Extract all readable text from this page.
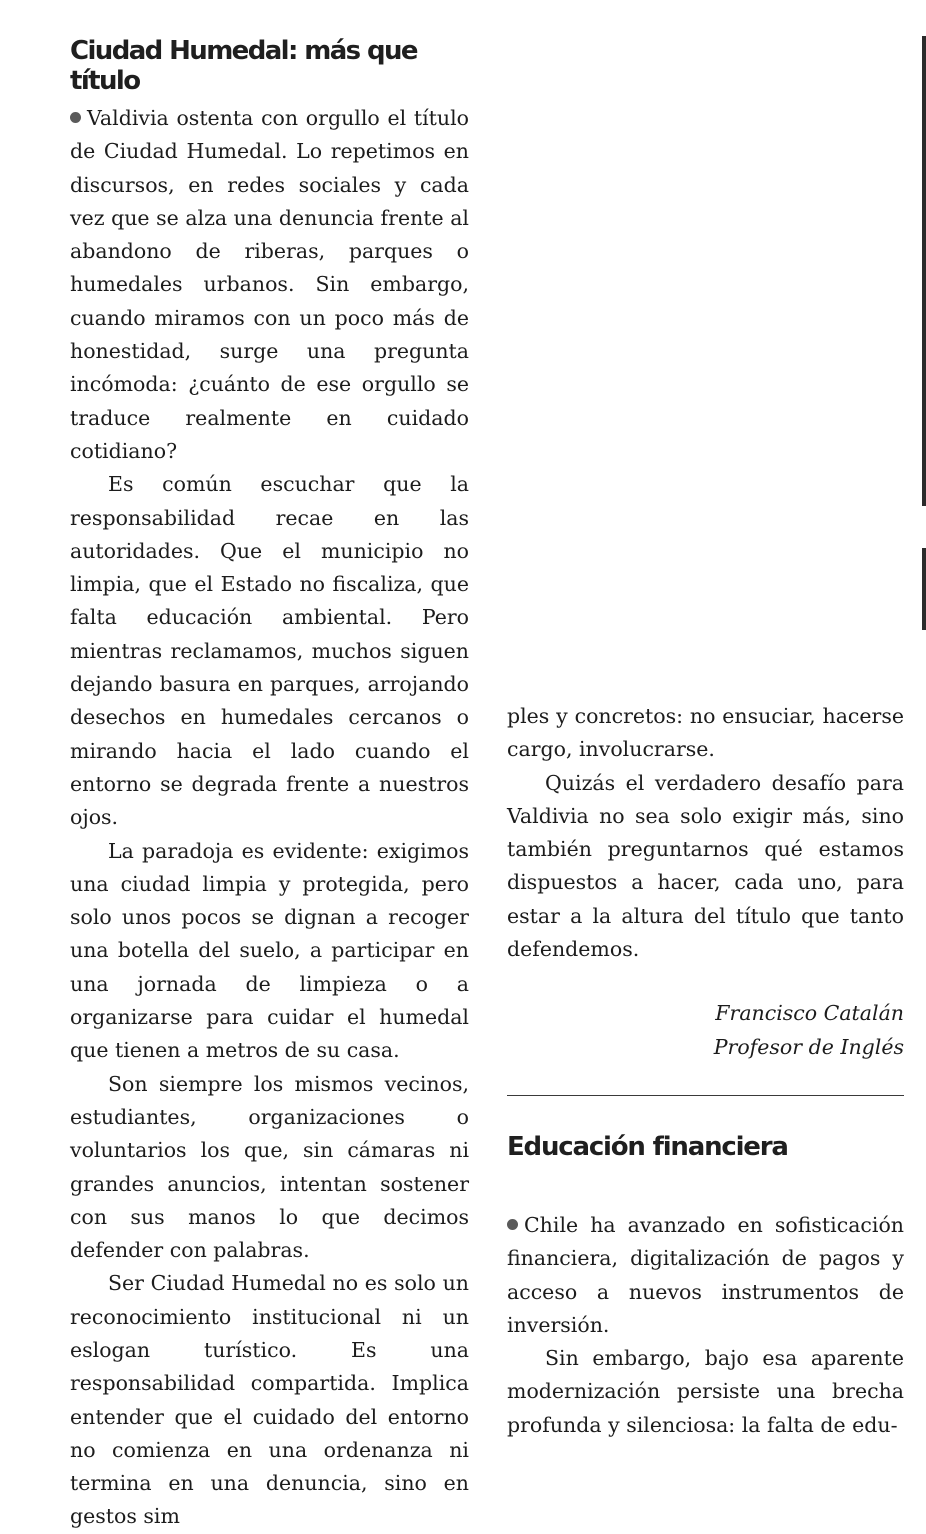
Ciudad Humedal: más que título

Valdivia ostenta con orgullo el título de Ciudad Humedal. Lo repetimos en discursos, en redes sociales y cada vez que se alza una denuncia frente al abandono de riberas, parques o humedales urbanos. Sin embargo, cuando miramos con un poco más de honestidad, surge una pregunta incómoda: ¿cuánto de ese orgullo se traduce realmente en cuidado cotidiano?

Es común escuchar que la responsabilidad recae en las autoridades. Que el municipio no limpia, que el Estado no fiscaliza, que falta educación ambiental. Pero mientras reclamamos, muchos siguen dejando basura en parques, arrojando desechos en humedales cercanos o mirando hacia el lado cuando el entorno se degrada frente a nuestros ojos.

La paradoja es evidente: exigimos una ciudad limpia y protegida, pero solo unos pocos se dignan a recoger una botella del suelo, a participar en una jornada de limpieza o a organizarse para cuidar el humedal que tienen a metros de su casa.

Son siempre los mismos vecinos, estudiantes, organizaciones o voluntarios los que, sin cámaras ni grandes anuncios, intentan sostener con sus manos lo que decimos defender con palabras.

Ser Ciudad Humedal no es solo un reconocimiento institucional ni un eslogan turístico. Es una responsabilidad compartida. Implica entender que el cuidado del entorno no comienza en una ordenanza ni termina en una denuncia, sino en gestos sim

ples y concretos: no ensuciar, hacerse cargo, involucrarse.

Quizás el verdadero desafío para Valdivia no sea solo exigir más, sino también preguntarnos qué estamos dispuestos a hacer, cada uno, para estar a la altura del título que tanto defendemos.

Francisco Catalán
Profesor de Inglés
Educación financiera

Chile ha avanzado en sofisticación financiera, digitalización de pagos y acceso a nuevos instrumentos de inversión.

Sin embargo, bajo esa aparente modernización persiste una brecha profunda y silenciosa: la falta de edu-
